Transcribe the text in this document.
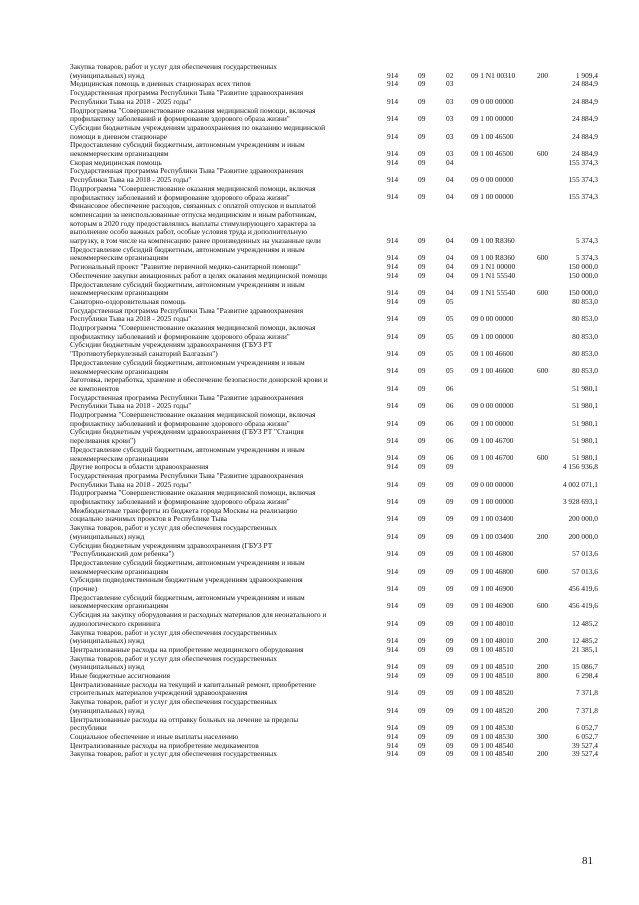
Закупка товаров, работ и услуг для обеспечения государственных
(муниципальных) нужд	914	09	02 09 1 N1 00310	200	1 909,4
Медицинская помощь в дневных стационарах всех типов	914	09	03	24 884,9
Государственная программа Республики Тыва "Развитие здравоохранения
Республики Тыва на 2018 - 2025 годы"	914	09	03 09 0 00 00000	24 884,9
Подпрограмма "Совершенствование оказания медицинской помощи, включая
профилактику заболеваний и формирование здорового образа жизни"	914	09	03 09 1 00 00000	24 884,9
Субсидии бюджетным учреждениям здравоохранения по оказанию медицинской
помощи в дневном стационаре	914	09	03 09 1 00 46500	24 884,9
Предоставление субсидий бюджетным, автономным учреждениям и иным
некоммерческим организациям	914	09	03 09 1 00 46500	600	24 884,9
Скорая медицинская помощь	914	09	04	155 374,3
Государственная программа Республики Тыва "Развитие здравоохранения
Республики Тыва на 2018 - 2025 годы"	914	09	04 09 0 00 00000	155 374,3
Подпрограмма "Совершенствование оказания медицинской помощи, включая
профилактику заболеваний и формирование здорового образа жизни"	914	09	04 09 1 00 00000	155 374,3
Финансовое обеспечение расходов, связанных с оплатой отпусков и выплатой
компенсации за неиспользованные отпуска медицинским и иным работникам,
которым в 2020 году предоставлялись выплаты стимулирующего характера за
выполнение особо важных работ, особые условия труда и дополнительную
нагрузку, в том числе на компенсацию ранее произведенных на указанные цели	914	09	04 09 1 00 R8360	5 374,3
Предоставление субсидий бюджетным, автономным учреждениям и иным
некоммерческим организациям	914	09	04 09 1 00 R8360	600	5 374,3
Региональный проект "Развитие первичной медико-санитарной помощи"	914	09	04 09 1 N1 00000	150 000,0
Обеспечение закупки авиационных работ в целях оказания медицинской помощи	914	09	04 09 1 N1 55540	150 000,0
Предоставление субсидий бюджетным, автономным учреждениям и иным
некоммерческим организациям	914	09	04 09 1 N1 55540	600	150 000,0
Санаторно-оздоровительная помощь	914	09	05	80 853,0
Государственная программа Республики Тыва "Развитие здравоохранения
Республики Тыва на 2018 - 2025 годы"	914	09	05 09 0 00 00000	80 853,0
Подпрограмма "Совершенствование оказания медицинской помощи, включая
профилактику заболеваний и формирование здорового образа жизни"	914	09	05 09 1 00 00000	80 853,0
Субсидии бюджетным учреждениям здравоохранения (ГБУЗ РТ
"Противотуберкулезный санаторий Балгазын")	914	09	05 09 1 00 46600	80 853,0
Предоставление субсидий бюджетным, автономным учреждениям и иным
некоммерческим организациям	914	09	05 09 1 00 46600	600	80 853,0
Заготовка, переработка, хранение и обеспечение безопасности донорской крови и
ее компонентов	914	09	06	51 980,1
Государственная программа Республики Тыва "Развитие здравоохранения
Республики Тыва на 2018 - 2025 годы"	914	09	06 09 0 00 00000	51 980,1
Подпрограмма "Совершенствование оказания медицинской помощи, включая
профилактику заболеваний и формирование здорового образа жизни"	914	09	06 09 1 00 00000	51 980,1
Субсидии бюджетным учреждениям здравоохранения (ГБУЗ РТ "Станция
переливания крови")	914	09	06 09 1 00 46700	51 980,1
Предоставление субсидий бюджетным, автономным учреждениям и иным
некоммерческим организациям	914	09	06 09 1 00 46700	600	51 980,1
Другие вопросы в области здравоохранения	914	09	09	4 156 936,8
Государственная программа Республики Тыва "Развитие здравоохранения
Республики Тыва на 2018 - 2025 годы"	914	09	09 09 0 00 00000	4 002 071,1
Подпрограмма "Совершенствование оказания медицинской помощи, включая
профилактику заболеваний и формирование здорового образа жизни"	914	09	09 09 1 00 00000	3 928 693,1
Межбюджетные трансферты из бюджета города Москвы на реализацию
социально значимых проектов в Республике Тыва	914	09	09 09 1 00 03400	200 000,0
Закупка товаров, работ и услуг для обеспечения государственных
(муниципальных) нужд	914	09	09 09 1 00 03400	200	200 000,0
Субсидии бюджетным учреждениям здравоохранения (ГБУЗ РТ
"Республиканский дом ребенка")	914	09	09 09 1 00 46800	57 013,6
Предоставление субсидий бюджетным, автономным учреждениям и иным
некоммерческим организациям	914	09	09 09 1 00 46800	600	57 013,6
Субсидии подведомственным бюджетным учреждениям здравоохранения
(прочие)	914	09	09 09 1 00 46900	456 419,6
Предоставление субсидий бюджетным, автономным учреждениям и иным
некоммерческим организациям	914	09	09 09 1 00 46900	600	456 419,6
Субсидия на закупку оборудования и расходных материалов для неонатального и
аудиологического скрининга	914	09	09 09 1 00 48010	12 485,2
Закупка товаров, работ и услуг для обеспечения государственных
(муниципальных) нужд	914	09	09 09 1 00 48010	200	12 485,2
Централизованные расходы на приобретение медицинского оборудования	914	09	09 09 1 00 48510	21 385,1
Закупка товаров, работ и услуг для обеспечения государственных
(муниципальных) нужд	914	09	09 09 1 00 48510	200	15 086,7
Иные бюджетные ассигнования	914	09	09 09 1 00 48510	800	6 298,4
Централизованные расходы на текущий и капитальный ремонт, приобретение
строительных материалов учреждений здравоохранения	914	09	09 09 1 00 48520	7 371,8
Закупка товаров, работ и услуг для обеспечения государственных
(муниципальных) нужд	914	09	09 09 1 00 48520	200	7 371,8
Централизованные расходы на отправку больных на лечение за пределы
республики	914	09	09 09 1 00 48530	6 052,7
Социальное обеспечение и иные выплаты населению	914	09	09 09 1 00 48530	300	6 052,7
Централизованные расходы на приобретение медикаментов	914	09	09 09 1 00 48540	39 527,4
Закупка товаров, работ и услуг для обеспечения государственных	914	09	09 09 1 00 48540	200	39 527,4
81
